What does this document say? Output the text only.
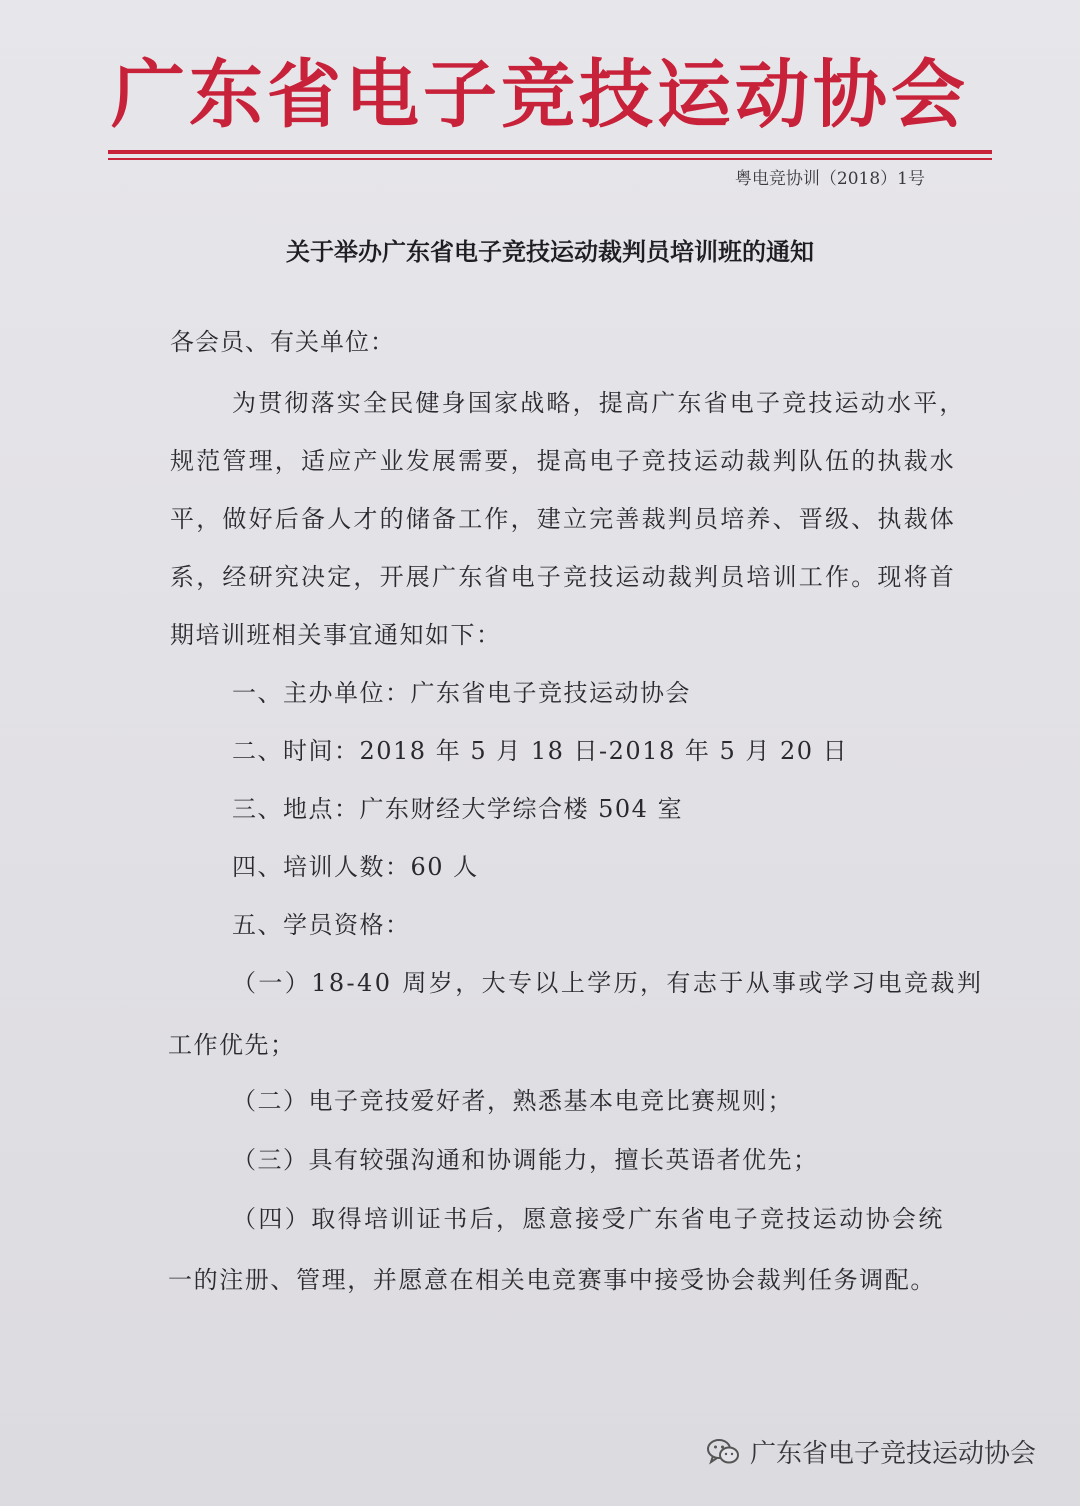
广东省电子竞技运动协会
粤电竞协训（2018）1号
关于举办广东省电子竞技运动裁判员培训班的通知
各会员、有关单位：
为贯彻落实全民健身国家战略，提高广东省电子竞技运动水平，
规范管理，适应产业发展需要，提高电子竞技运动裁判队伍的执裁水
平，做好后备人才的储备工作，建立完善裁判员培养、晋级、执裁体
系，经研究决定，开展广东省电子竞技运动裁判员培训工作。现将首
期培训班相关事宜通知如下：
一、主办单位：广东省电子竞技运动协会
二、时间：2018 年 5 月 18 日-2018 年 5 月 20 日
三、地点：广东财经大学综合楼 504 室
四、培训人数：60 人
五、学员资格：
（一）18-40 周岁，大专以上学历，有志于从事或学习电竞裁判
工作优先；
（二）电子竞技爱好者，熟悉基本电竞比赛规则；
（三）具有较强沟通和协调能力，擅长英语者优先；
（四）取得培训证书后，愿意接受广东省电子竞技运动协会统
一的注册、管理，并愿意在相关电竞赛事中接受协会裁判任务调配。
广东省电子竞技运动协会
